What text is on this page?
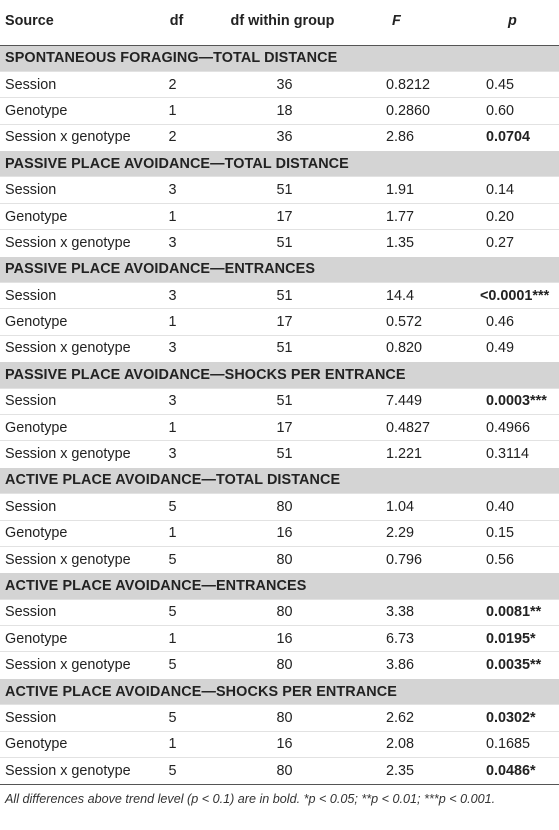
Source	df	df within group	F	p
SPONTANEOUS FORAGING—TOTAL DISTANCE				
Session	2	36	0.8212	0.45
Genotype	1	18	0.2860	0.60
Session x genotype	2	36	2.86	0.0704
PASSIVE PLACE AVOIDANCE—TOTAL DISTANCE				
Session	3	51	1.91	0.14
Genotype	1	17	1.77	0.20
Session x genotype	3	51	1.35	0.27
PASSIVE PLACE AVOIDANCE—ENTRANCES				
Session	3	51	14.4	<0.0001***
Genotype	1	17	0.572	0.46
Session x genotype	3	51	0.820	0.49
PASSIVE PLACE AVOIDANCE—SHOCKS PER ENTRANCE				
Session	3	51	7.449	0.0003***
Genotype	1	17	0.4827	0.4966
Session x genotype	3	51	1.221	0.3114
ACTIVE PLACE AVOIDANCE—TOTAL DISTANCE				
Session	5	80	1.04	0.40
Genotype	1	16	2.29	0.15
Session x genotype	5	80	0.796	0.56
ACTIVE PLACE AVOIDANCE—ENTRANCES				
Session	5	80	3.38	0.0081**
Genotype	1	16	6.73	0.0195*
Session x genotype	5	80	3.86	0.0035**
ACTIVE PLACE AVOIDANCE—SHOCKS PER ENTRANCE				
Session	5	80	2.62	0.0302*
Genotype	1	16	2.08	0.1685
Session x genotype	5	80	2.35	0.0486*
All differences above trend level (p < 0.1) are in bold. *p < 0.05; **p < 0.01; ***p < 0.001.
